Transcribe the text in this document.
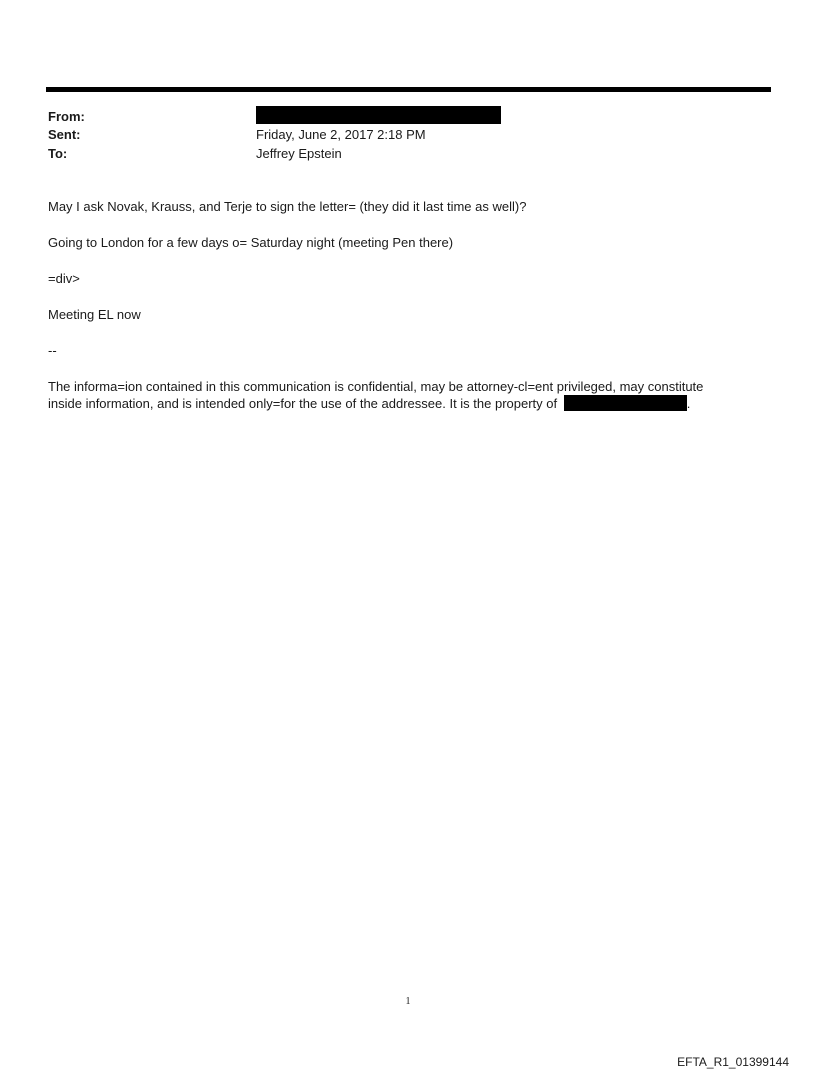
From:
Sent:	Friday, June 2, 2017 2:18 PM
To:	Jeffrey Epstein
May I ask Novak, Krauss, and Terje to sign the letter= (they did it last time as well)?
Going to London for a few days o= Saturday night (meeting Pen there)
=div>
Meeting EL now
--
The informa=ion contained in this communication is confidential, may be attorney-cl=ent privileged, may constitute
inside information, and is intended only=for the use of the addressee. It is the property of	.
1
EFTA_R1_01399144
